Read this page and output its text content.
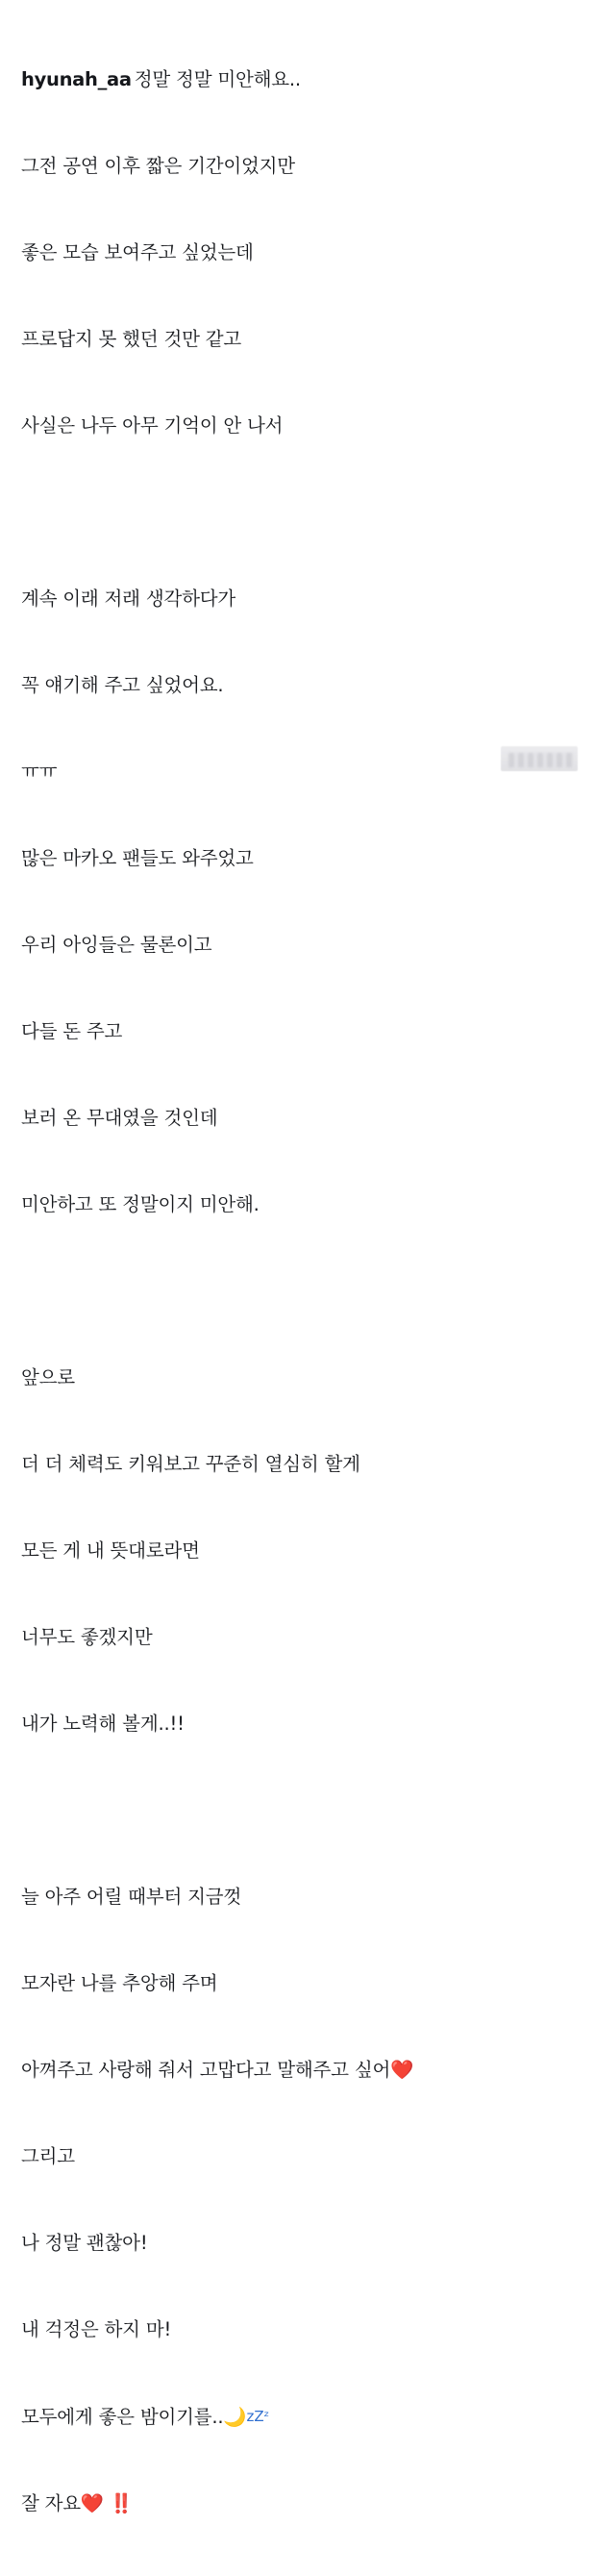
hyunah_aa 정말 정말 미안해요..

그전 공연 이후 짧은 기간이었지만

좋은 모습 보여주고 싶었는데

프로답지 못 했던 것만 같고

사실은 나두 아무 기억이 안 나서

계속 이래 저래 생각하다가

꼭 얘기해 주고 싶었어요.

ㅠㅠ

많은 마카오 팬들도 와주었고

우리 아잉들은 물론이고

다들 돈 주고

보러 온 무대였을 것인데

미안하고 또 정말이지 미안해.

앞으로

더 더 체력도 키워보고 꾸준히 열심히 할게

모든 게 내 뜻대로라면

너무도 좋겠지만

내가 노력해 볼게..!!

늘 아주 어릴 때부터 지금껏

모자란 나를 추앙해 주며

아껴주고 사랑해 줘서 고맙다고 말해주고 싶어❤️

그리고

나 정말 괜찮아!

내 걱정은 하지 마!

모두에게 좋은 밤이기를..🌙zZᶻ

잘 자요❤️ ‼️
